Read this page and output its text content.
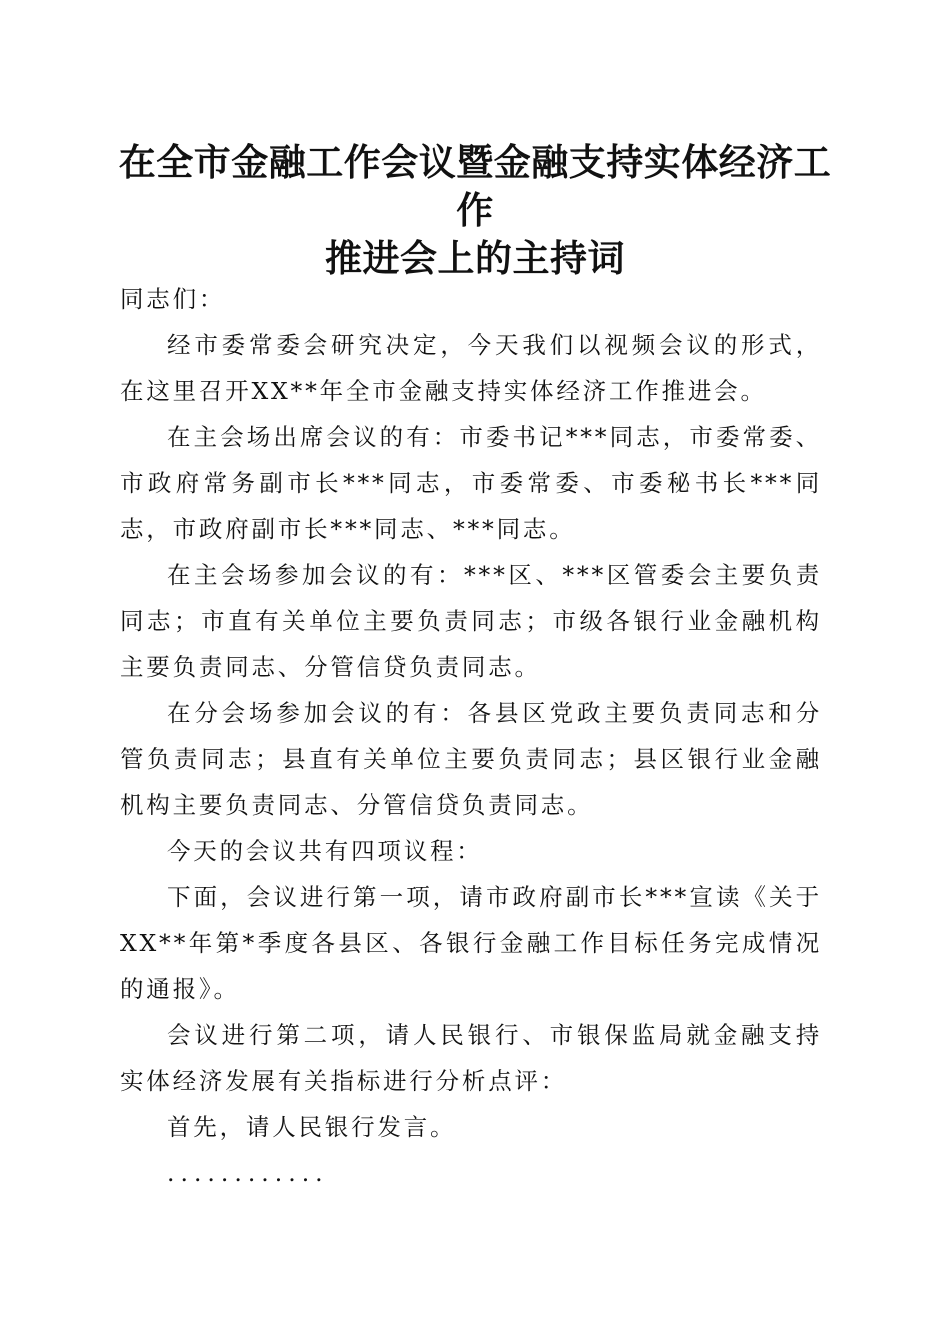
在全市金融工作会议暨金融支持实体经济工作
推进会上的主持词

同志们：

经市委常委会研究决定，今天我们以视频会议的形式，在这里召开XX**年全市金融支持实体经济工作推进会。

在主会场出席会议的有：市委书记***同志，市委常委、市政府常务副市长***同志，市委常委、市委秘书长***同志，市政府副市长***同志、***同志。

在主会场参加会议的有：***区、***区管委会主要负责同志；市直有关单位主要负责同志；市级各银行业金融机构主要负责同志、分管信贷负责同志。

在分会场参加会议的有：各县区党政主要负责同志和分管负责同志；县直有关单位主要负责同志；县区银行业金融机构主要负责同志、分管信贷负责同志。

今天的会议共有四项议程：

下面，会议进行第一项，请市政府副市长***宣读《关于XX**年第*季度各县区、各银行金融工作目标任务完成情况的通报》。

会议进行第二项，请人民银行、市银保监局就金融支持实体经济发展有关指标进行分析点评：

首先，请人民银行发言。

............
